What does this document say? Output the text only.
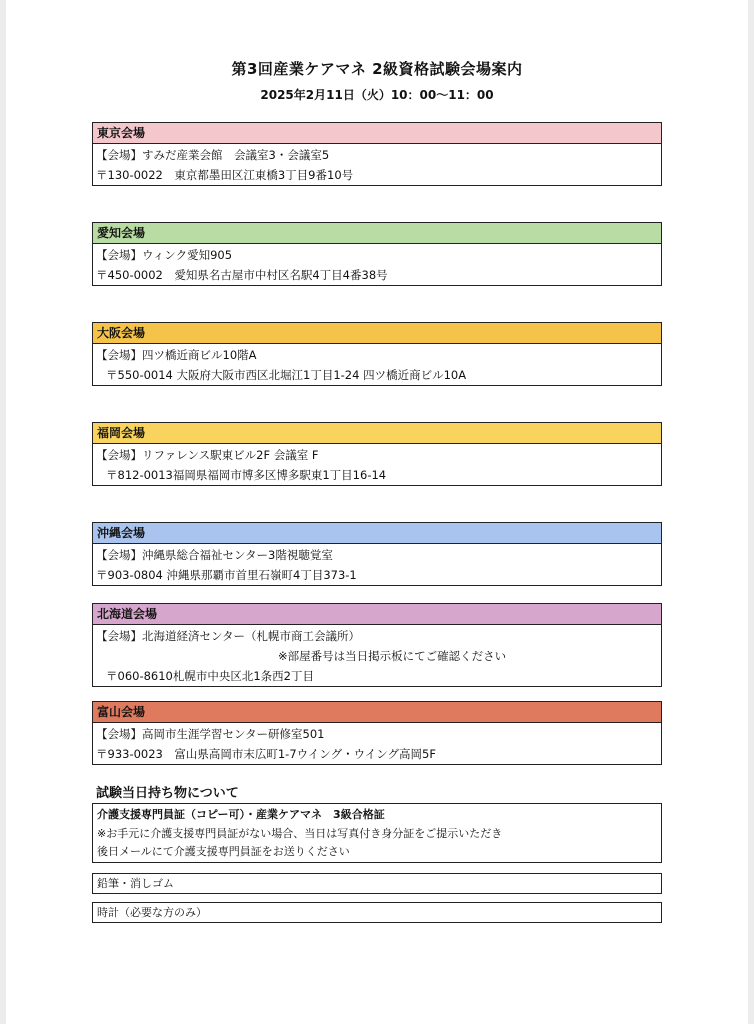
第3回産業ケアマネ 2級資格試験会場案内
2025年2月11日（火）10：00〜11：00
東京会場
【会場】すみだ産業会館　会議室3・会議室5
〒130-0022　東京都墨田区江東橋3丁目9番10号
愛知会場
【会場】ウィンク愛知905
〒450-0002　愛知県名古屋市中村区名駅4丁目4番38号
大阪会場
【会場】四ツ橋近商ビル10階A
〒550-0014 大阪府大阪市西区北堀江1丁目1-24 四ツ橋近商ビル10A
福岡会場
【会場】リファレンス駅東ビル2F 会議室 F
〒812-0013福岡県福岡市博多区博多駅東1丁目16-14
沖縄会場
【会場】沖縄県総合福祉センター3階視聴覚室
〒903-0804 沖縄県那覇市首里石嶺町4丁目373-1
北海道会場
【会場】北海道経済センター（札幌市商工会議所）
※部屋番号は当日掲示板にてご確認ください
〒060-8610札幌市中央区北1条西2丁目
富山会場
【会場】高岡市生涯学習センター研修室501
〒933-0023　富山県高岡市末広町1-7ウイング・ウイング高岡5F
試験当日持ち物について
介護支援専門員証（コピー可）・産業ケアマネ　3級合格証
※お手元に介護支援専門員証がない場合、当日は写真付き身分証をご提示いただき
後日メールにて介護支援専門員証をお送りください
鉛筆・消しゴム
時計（必要な方のみ）
